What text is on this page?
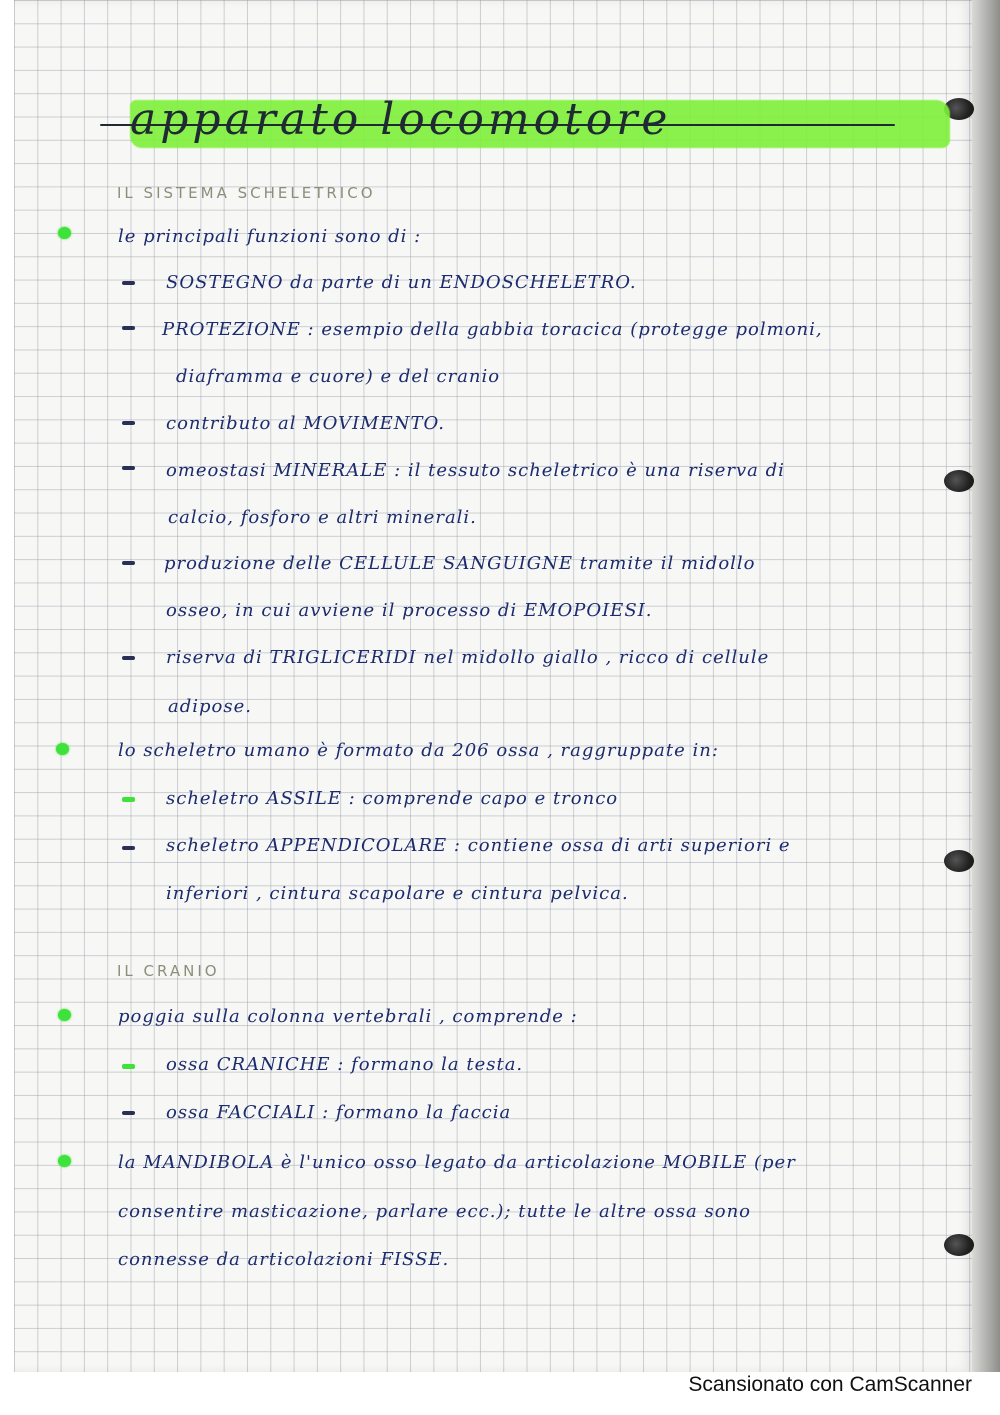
apparato locomotore
IL SISTEMA SCHELETRICO
le principali funzioni sono di :
SOSTEGNO da parte di un ENDOSCHELETRO.
PROTEZIONE : esempio della gabbia toracica (protegge polmoni,
diaframma e cuore) e del cranio
contributo al MOVIMENTO.
omeostasi MINERALE : il tessuto scheletrico è una riserva di
calcio, fosforo e altri minerali.
produzione delle CELLULE SANGUIGNE tramite il midollo
osseo, in cui avviene il processo di EMOPOIESI.
riserva di TRIGLICERIDI nel midollo giallo , ricco di cellule
adipose.
lo scheletro umano è formato da 206 ossa , raggruppate in:
scheletro ASSILE : comprende capo e tronco
scheletro APPENDICOLARE : contiene ossa di arti superiori e
inferiori , cintura scapolare e cintura pelvica.
IL CRANIO
poggia sulla colonna vertebrali , comprende :
ossa CRANICHE : formano la testa.
ossa FACCIALI : formano la faccia
la MANDIBOLA è l'unico osso legato da articolazione MOBILE (per
consentire masticazione, parlare ecc.); tutte le altre ossa sono
connesse da articolazioni FISSE.
Scansionato con CamScanner
